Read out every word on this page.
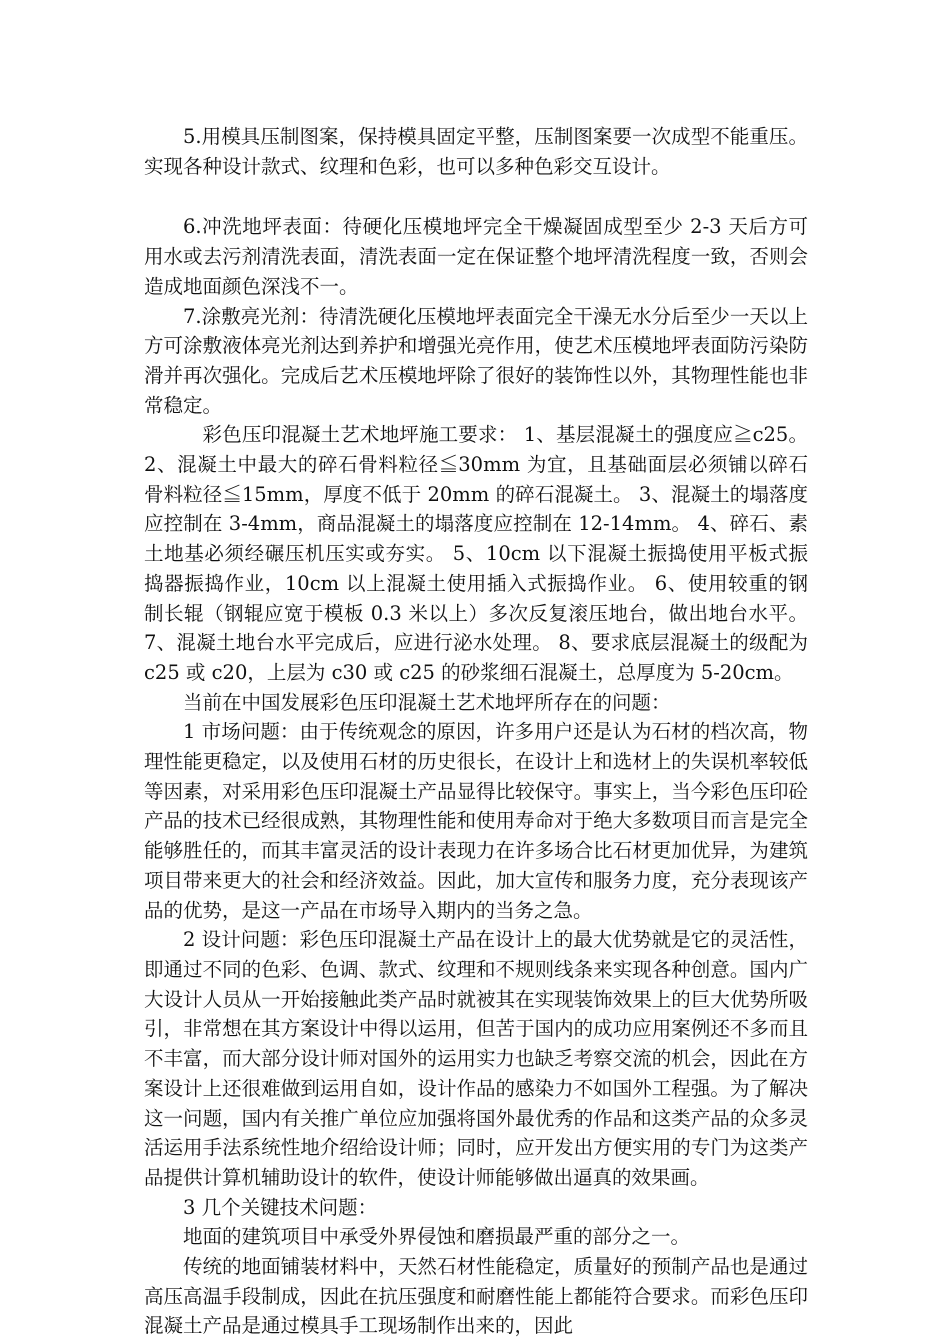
5.用模具压制图案，保持模具固定平整，压制图案要一次成型不能重压。 实现各种设计款式、纹理和色彩，也可以多种色彩交互设计。

6.冲洗地坪表面：待硬化压模地坪完全干燥凝固成型至少 2-3 天后方可用水或去污剂清洗表面，清洗表面一定在保证整个地坪清洗程度一致，否则会造成地面颜色深浅不一。

7.涂敷亮光剂：待清洗硬化压模地坪表面完全干澡无水分后至少一天以上方可涂敷液体亮光剂达到养护和增强光亮作用，使艺术压模地坪表面防污染防滑并再次强化。完成后艺术压模地坪除了很好的装饰性以外，其物理性能也非常稳定。

彩色压印混凝土艺术地坪施工要求： 1、基层混凝土的强度应≧c25。 2、混凝土中最大的碎石骨料粒径≦30mm 为宜，且基础面层必须铺以碎石骨料粒径≦15mm，厚度不低于 20mm 的碎石混凝土。 3、混凝土的塌落度应控制在 3-4mm，商品混凝土的塌落度应控制在 12-14mm。 4、碎石、素土地基必须经碾压机压实或夯实。 5、10cm 以下混凝土振捣使用平板式振捣器振捣作业，10cm 以上混凝土使用插入式振捣作业。 6、使用较重的钢制长辊（钢辊应宽于模板 0.3 米以上）多次反复滚压地台，做出地台水平。 7、混凝土地台水平完成后，应进行泌水处理。 8、要求底层混凝土的级配为 c25 或 c20，上层为 c30 或 c25 的砂浆细石混凝土，总厚度为 5-20cm。

当前在中国发展彩色压印混凝土艺术地坪所存在的问题：

1 市场问题：由于传统观念的原因，许多用户还是认为石材的档次高，物理性能更稳定，以及使用石材的历史很长，在设计上和选材上的失误机率较低等因素，对采用彩色压印混凝土产品显得比较保守。事实上，当今彩色压印砼产品的技术已经很成熟，其物理性能和使用寿命对于绝大多数项目而言是完全能够胜任的，而其丰富灵活的设计表现力在许多场合比石材更加优异，为建筑项目带来更大的社会和经济效益。因此，加大宣传和服务力度，充分表现该产品的优势，是这一产品在市场导入期内的当务之急。

2 设计问题：彩色压印混凝土产品在设计上的最大优势就是它的灵活性，即通过不同的色彩、色调、款式、纹理和不规则线条来实现各种创意。国内广大设计人员从一开始接触此类产品时就被其在实现装饰效果上的巨大优势所吸引，非常想在其方案设计中得以运用，但苦于国内的成功应用案例还不多而且不丰富，而大部分设计师对国外的运用实力也缺乏考察交流的机会，因此在方案设计上还很难做到运用自如，设计作品的感染力不如国外工程强。为了解决这一问题，国内有关推广单位应加强将国外最优秀的作品和这类产品的众多灵活运用手法系统性地介绍给设计师；同时，应开发出方便实用的专门为这类产品提供计算机辅助设计的软件，使设计师能够做出逼真的效果画。

3 几个关键技术问题：

地面的建筑项目中承受外界侵蚀和磨损最严重的部分之一。

传统的地面铺装材料中，天然石材性能稳定，质量好的预制产品也是通过高压高温手段制成，因此在抗压强度和耐磨性能上都能符合要求。而彩色压印混凝土产品是通过模具手工现场制作出来的，因此
